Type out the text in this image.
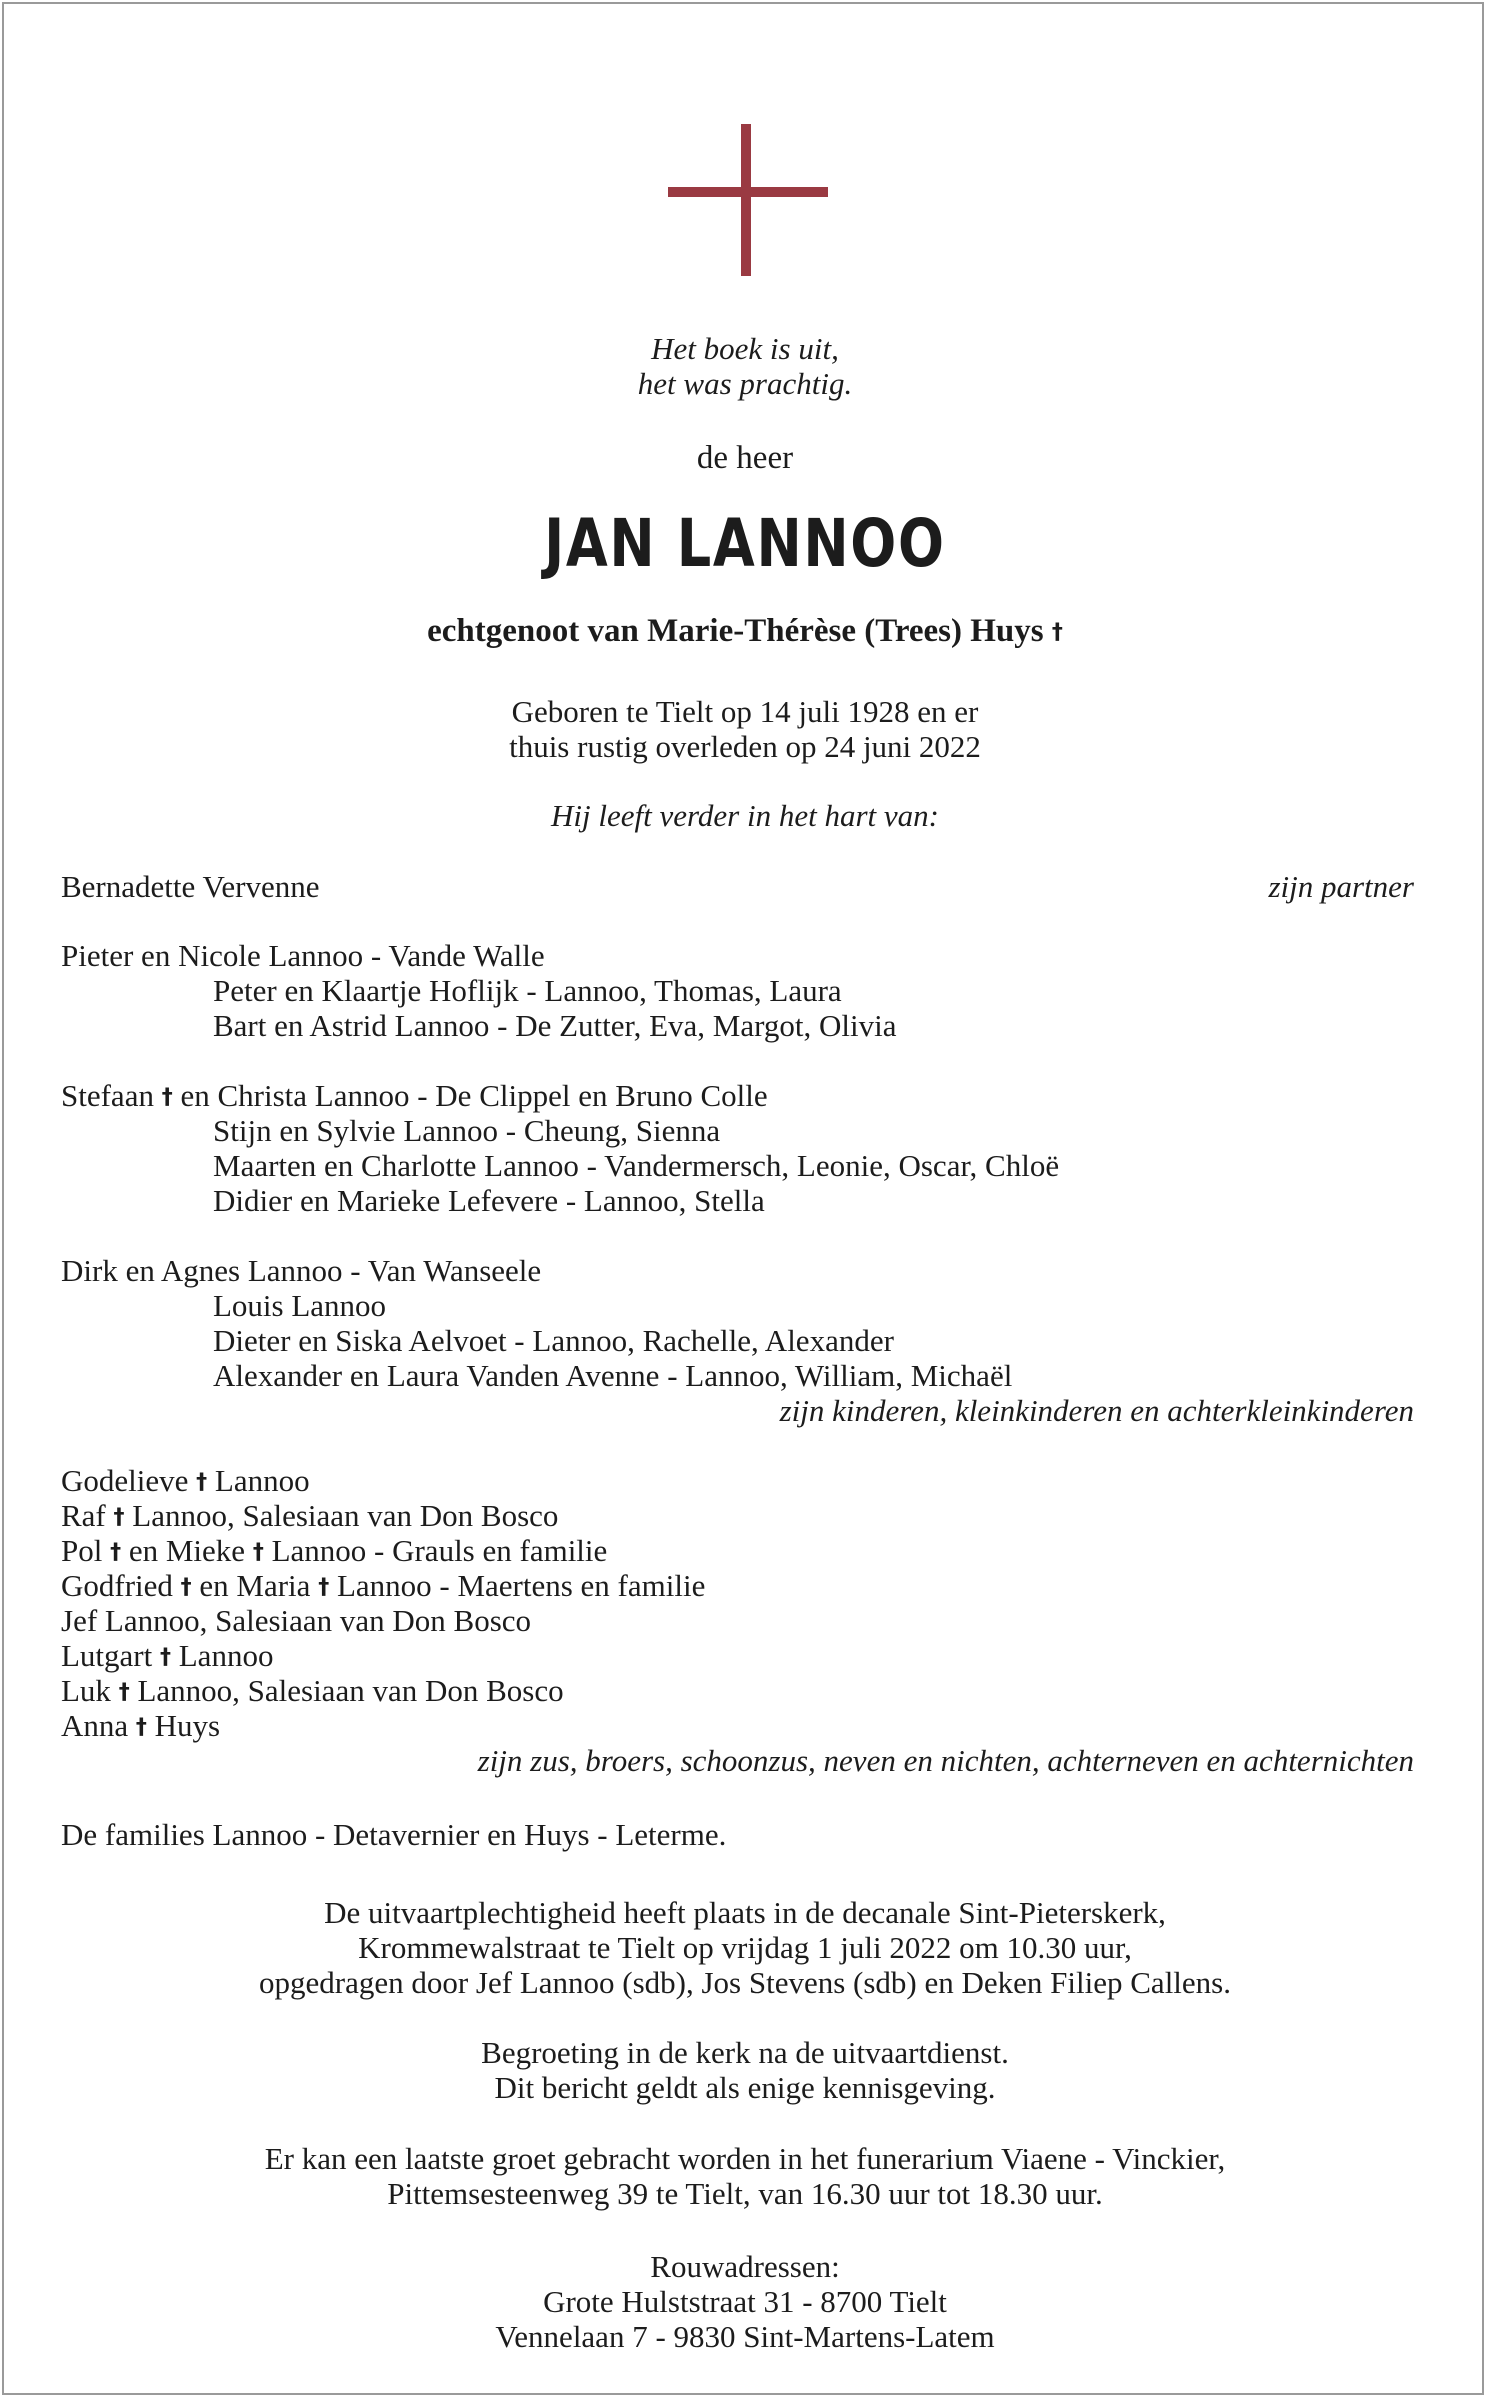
Het boek is uit,
het was prachtig.
de heer
JAN LANNOO
echtgenoot van Marie-Thérèse (Trees) Huys †
Geboren te Tielt op 14 juli 1928 en er
thuis rustig overleden op 24 juni 2022
Hij leeft verder in het hart van:
Bernadette Vervenne	zijn partner
Pieter en Nicole Lannoo - Vande Walle
Peter en Klaartje Hoflijk - Lannoo, Thomas, Laura
Bart en Astrid Lannoo - De Zutter, Eva, Margot, Olivia
Stefaan † en Christa Lannoo - De Clippel en Bruno Colle
Stijn en Sylvie Lannoo - Cheung, Sienna
Maarten en Charlotte Lannoo - Vandermersch, Leonie, Oscar, Chloë
Didier en Marieke Lefevere - Lannoo, Stella
Dirk en Agnes Lannoo - Van Wanseele
Louis Lannoo
Dieter en Siska Aelvoet - Lannoo, Rachelle, Alexander
Alexander en Laura Vanden Avenne - Lannoo, William, Michaël
zijn kinderen, kleinkinderen en achterkleinkinderen
Godelieve † Lannoo
Raf † Lannoo, Salesiaan van Don Bosco
Pol † en Mieke † Lannoo - Grauls en familie
Godfried † en Maria † Lannoo - Maertens en familie
Jef Lannoo, Salesiaan van Don Bosco
Lutgart † Lannoo
Luk † Lannoo, Salesiaan van Don Bosco
Anna † Huys
zijn zus, broers, schoonzus, neven en nichten, achterneven en achternichten
De families Lannoo - Detavernier en Huys - Leterme.
De uitvaartplechtigheid heeft plaats in de decanale Sint-Pieterskerk,
Krommewalstraat te Tielt op vrijdag 1 juli 2022 om 10.30 uur,
opgedragen door Jef Lannoo (sdb), Jos Stevens (sdb) en Deken Filiep Callens.
Begroeting in de kerk na de uitvaartdienst.
Dit bericht geldt als enige kennisgeving.
Er kan een laatste groet gebracht worden in het funerarium Viaene - Vinckier,
Pittemsesteenweg 39 te Tielt, van 16.30 uur tot 18.30 uur.
Rouwadressen:
Grote Hulststraat 31 - 8700 Tielt
Vennelaan 7 - 9830 Sint-Martens-Latem
